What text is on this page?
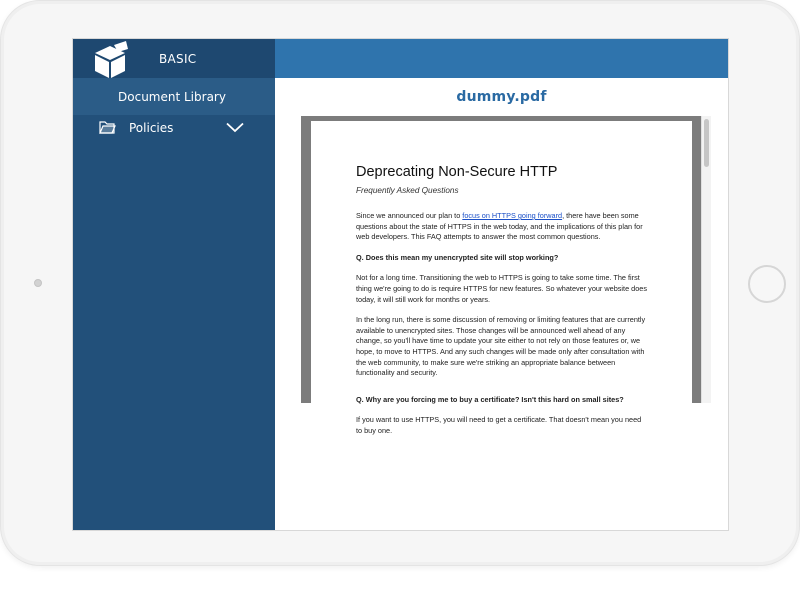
BASIC
Document Library
Policies
dummy.pdf
Deprecating Non-Secure HTTP
Frequently Asked Questions

Since we announced our plan to focus on HTTPS going forward, there have been some questions about the state of HTTPS in the web today, and the implications of this plan for web developers. This FAQ attempts to answer the most common questions.

Q. Does this mean my unencrypted site will stop working?

Not for a long time. Transitioning the web to HTTPS is going to take some time. The first thing we're going to do is require HTTPS for new features. So whatever your website does today, it will still work for months or years.

In the long run, there is some discussion of removing or limiting features that are currently available to unencrypted sites. Those changes will be announced well ahead of any change, so you'll have time to update your site either to not rely on those features or, we hope, to move to HTTPS. And any such changes will be made only after consultation with the web community, to make sure we're striking an appropriate balance between functionality and security.

Q. Why are you forcing me to buy a certificate? Isn't this hard on small sites?

If you want to use HTTPS, you will need to get a certificate. That doesn't mean you need to buy one.
